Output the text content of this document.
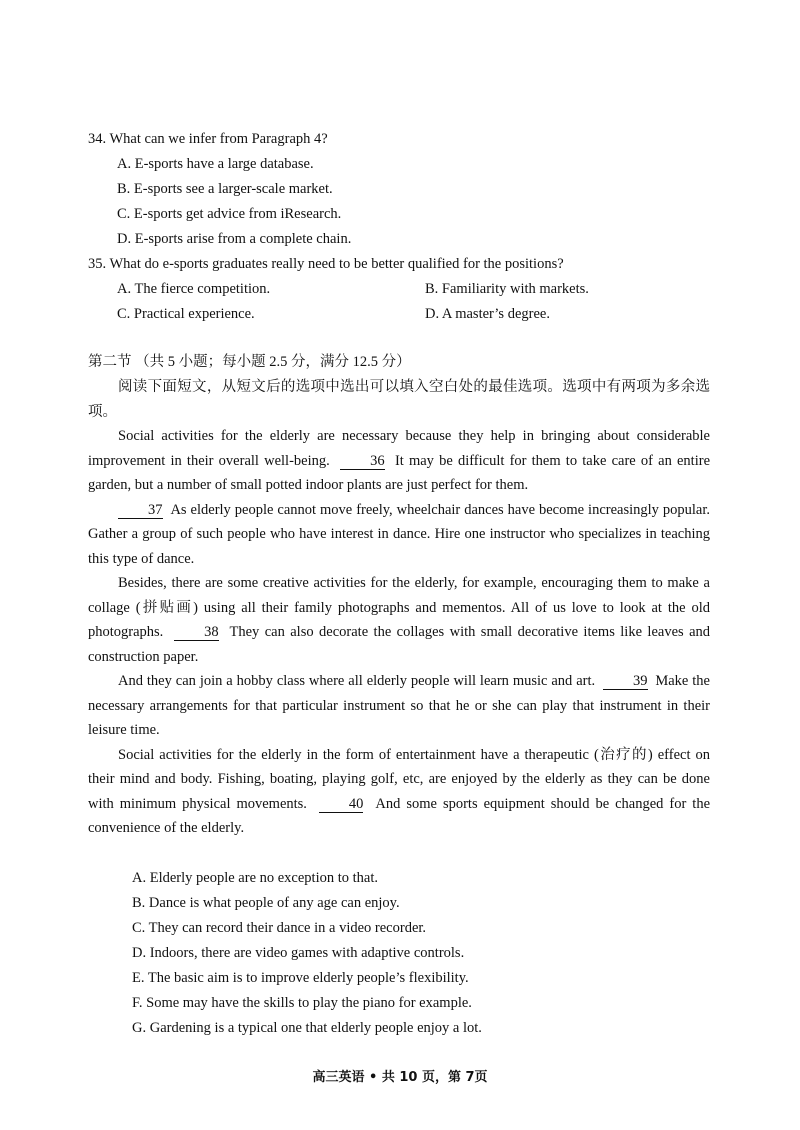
34. What can we infer from Paragraph 4?
A. E-sports have a large database.
B. E-sports see a larger-scale market.
C. E-sports get advice from iResearch.
D. E-sports arise from a complete chain.
35. What do e-sports graduates really need to be better qualified for the positions?
A. The fierce competition.	B. Familiarity with markets.
C. Practical experience.	D. A master’s degree.
第二节 （共 5 小题；每小题 2.5 分，满分 12.5 分）

阅读下面短文，从短文后的选项中选出可以填入空白处的最佳选项。选项中有两项为多余选项。

Social activities for the elderly are necessary because they help in bringing about considerable improvement in their overall well-being.	36 It may be difficult for them to take care of an entire garden, but a number of small potted indoor plants are just perfect for them.

37 As elderly people cannot move freely, wheelchair dances have become increasingly popular. Gather a group of such people who have interest in dance. Hire one instructor who specializes in teaching this type of dance.

Besides, there are some creative activities for the elderly, for example, encouraging them to make a collage (拼贴画) using all their family photographs and mementos. All of us love to look at the old photographs.	38 They can also decorate the collages with small decorative items like leaves and construction paper.

And they can join a hobby class where all elderly people will learn music and art.	39 Make the necessary arrangements for that particular instrument so that he or she can play that instrument in their leisure time.

Social activities for the elderly in the form of entertainment have a therapeutic (治疗的) effect on their mind and body. Fishing, boating, playing golf, etc, are enjoyed by the elderly as they can be done with minimum physical movements.	40 And some sports equipment should be changed for the convenience of the elderly.

A. Elderly people are no exception to that.
B. Dance is what people of any age can enjoy.
C. They can record their dance in a video recorder.
D. Indoors, there are video games with adaptive controls.
E. The basic aim is to improve elderly people’s flexibility.
F. Some may have the skills to play the piano for example.
G. Gardening is a typical one that elderly people enjoy a lot.
高三英语 • 共 10 页，第 7页
